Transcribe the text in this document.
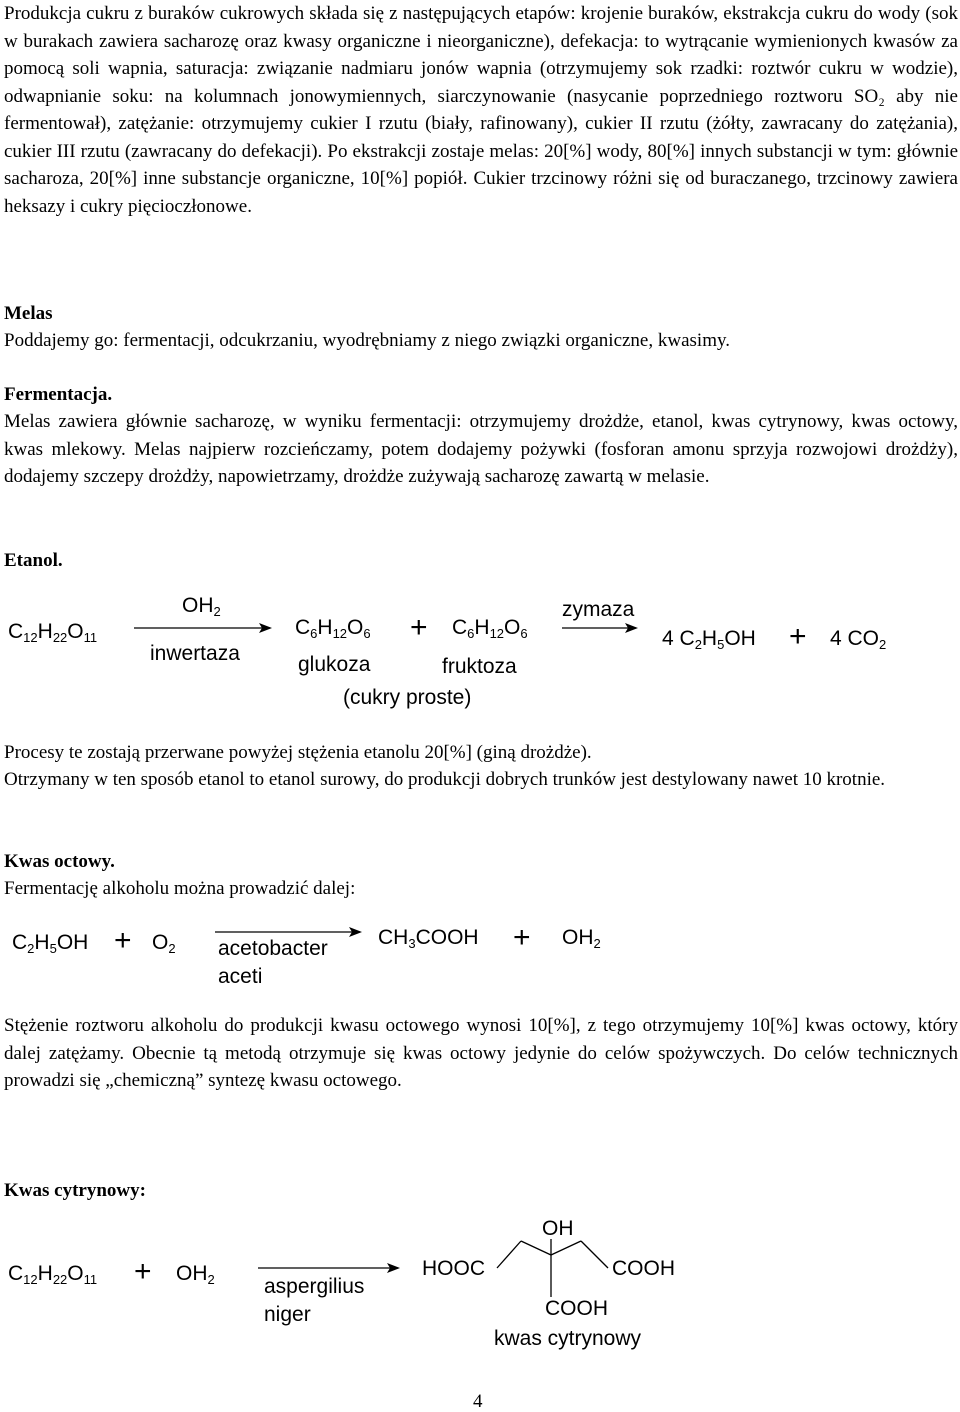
Produkcja cukru z buraków cukrowych składa się z następujących etapów: krojenie buraków, ekstrakcja cukru do wody (sok w burakach zawiera sacharozę oraz kwasy organiczne i nieorganiczne), defekacja: to wytrącanie wymienionych kwasów za pomocą soli wapnia, saturacja: związanie nadmiaru jonów wapnia (otrzymujemy sok rzadki: roztwór cukru w wodzie), odwapnianie soku: na kolumnach jonowymiennych, siarczynowanie (nasycanie poprzedniego roztworu SO₂ aby nie fermentował), zatężanie: otrzymujemy cukier I rzutu (biały, rafinowany), cukier II rzutu (żółty, zawracany do zatężania), cukier III rzutu (zawracany do defekacji). Po ekstrakcji zostaje melas: 20[%] wody, 80[%] innych substancji w tym: głównie sacharoza, 20[%] inne substancje organiczne, 10[%] popiół. Cukier trzcinowy różni się od buraczanego, trzcinowy zawiera heksazy i cukry pięcioczłonowe.

Melas

Poddajemy go: fermentacji, odcukrzaniu, wyodrębniamy z niego związki organiczne, kwasimy.

Fermentacja.

Melas zawiera głównie sacharozę, w wyniku fermentacji: otrzymujemy drożdże, etanol, kwas cytrynowy, kwas octowy, kwas mlekowy. Melas najpierw rozcieńczamy, potem dodajemy pożywki (fosforan amonu sprzyja rozwojowi drożdży), dodajemy szczepy drożdży, napowietrzamy, drożdże zużywają sacharozę zawartą w melasie.

Etanol.

$C_{12}H_{22}O_{11}$
$OH_2$
inwertaza
$C_6H_{12}O_6 + C_6H_{12}O_6$
glukoza	fruktoza
(cukry proste)
zymaza
4 $C_2H_5OH + 4$ $CO_2$

Procesy te zostają przerwane powyżej stężenia etanolu 20[%] (giną drożdże).

Otrzymany w ten sposób etanol to etanol surowy, do produkcji dobrych trunków jest destylowany nawet 10 krotnie.

Kwas octowy.

Fermentację alkoholu można prowadzić dalej:

$C_2H_5OH + O_2$ acetobacter
aceti
$CH_3COOH + OH_2$

Stężenie roztworu alkoholu do produkcji kwasu octowego wynosi 10[%], z tego otrzymujemy 10[%] kwas octowy, który dalej zatężamy. Obecnie tą metodą otrzymuje się kwas octowy jedynie do celów spożywczych. Do celów technicznych prowadzi się „chemiczną” syntezę kwasu octowego.

Kwas cytrynowy:

$C_{12}H_{22}O_{11} + OH_2$ aspergilius
niger
OH
HOOC	COOH
COOH
kwas cytrynowy
4
